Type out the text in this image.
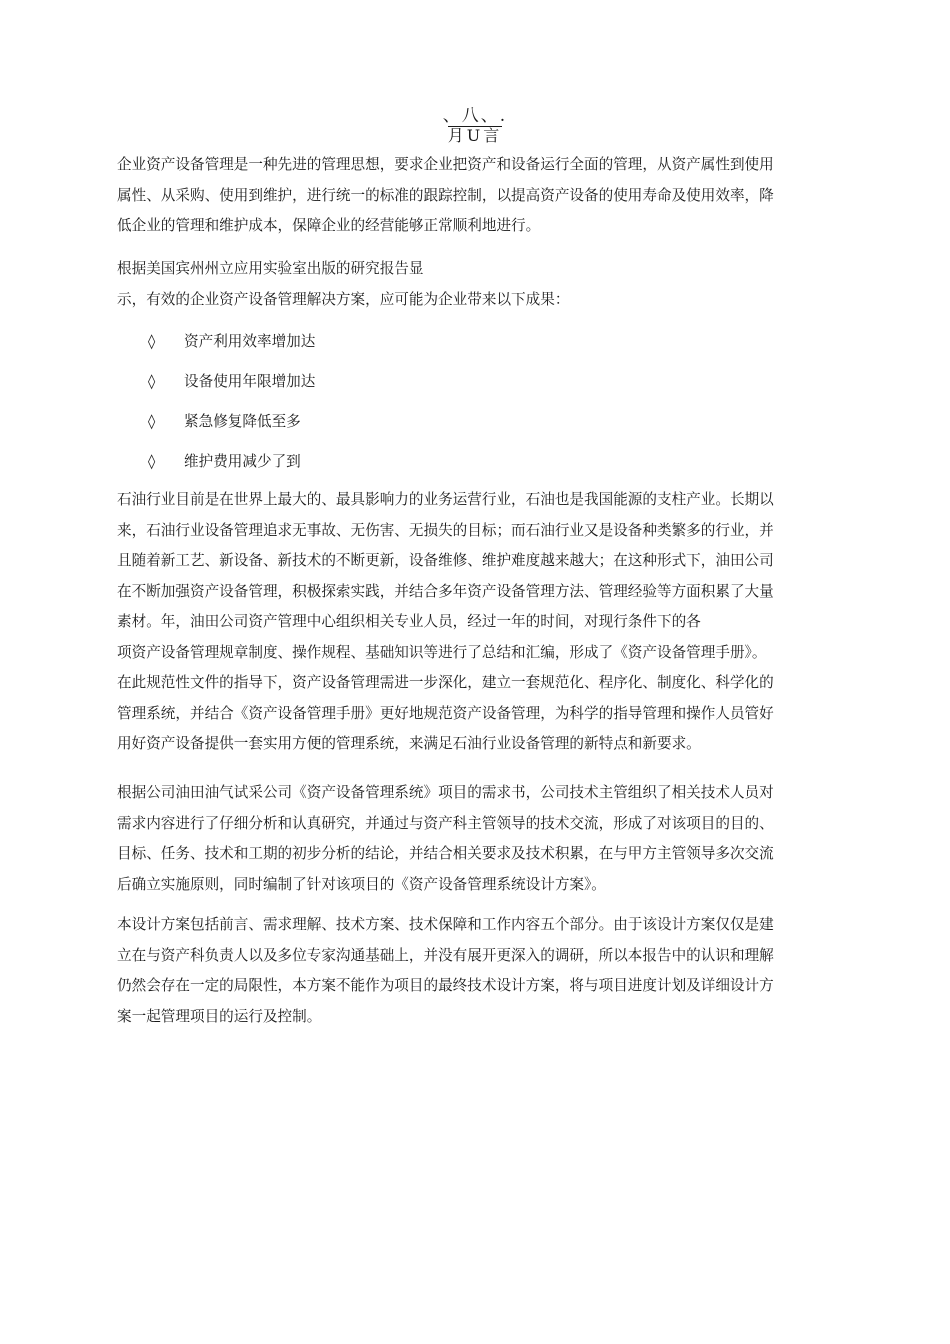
、八、.
月U言
企业资产设备管理是一种先进的管理思想，要求企业把资产和设备运行全面的管理，从资产属性到使用
属性、从采购、使用到维护，进行统一的标准的跟踪控制，以提高资产设备的使用寿命及使用效率，降
低企业的管理和维护成本，保障企业的经营能够正常顺利地进行。
根据美国宾州州立应用实验室出版的研究报告显
示，有效的企业资产设备管理解决方案，应可能为企业带来以下成果：
◊ 资产利用效率增加达
◊ 设备使用年限增加达
◊ 紧急修复降低至多
◊ 维护费用减少了到
石油行业目前是在世界上最大的、最具影响力的业务运营行业，石油也是我国能源的支柱产业。长期以
来，石油行业设备管理追求无事故、无伤害、无损失的目标；而石油行业又是设备种类繁多的行业，并
且随着新工艺、新设备、新技术的不断更新，设备维修、维护难度越来越大；在这种形式下，油田公司
在不断加强资产设备管理，积极探索实践，并结合多年资产设备管理方法、管理经验等方面积累了大量
素材。年，油田公司资产管理中心组织相关专业人员，经过一年的时间，对现行条件下的各
项资产设备管理规章制度、操作规程、基础知识等进行了总结和汇编，形成了《资产设备管理手册》。
在此规范性文件的指导下，资产设备管理需进一步深化，建立一套规范化、程序化、制度化、科学化的
管理系统，并结合《资产设备管理手册》更好地规范资产设备管理，为科学的指导管理和操作人员管好
用好资产设备提供一套实用方便的管理系统，来满足石油行业设备管理的新特点和新要求。
根据公司油田油气试采公司《资产设备管理系统》项目的需求书，公司技术主管组织了相关技术人员对
需求内容进行了仔细分析和认真研究，并通过与资产科主管领导的技术交流，形成了对该项目的目的、
目标、任务、技术和工期的初步分析的结论，并结合相关要求及技术积累，在与甲方主管领导多次交流
后确立实施原则，同时编制了针对该项目的《资产设备管理系统设计方案》。
本设计方案包括前言、需求理解、技术方案、技术保障和工作内容五个部分。由于该设计方案仅仅是建
立在与资产科负责人以及多位专家沟通基础上，并没有展开更深入的调研，所以本报告中的认识和理解
仍然会存在一定的局限性，本方案不能作为项目的最终技术设计方案，将与项目进度计划及详细设计方
案一起管理项目的运行及控制。
